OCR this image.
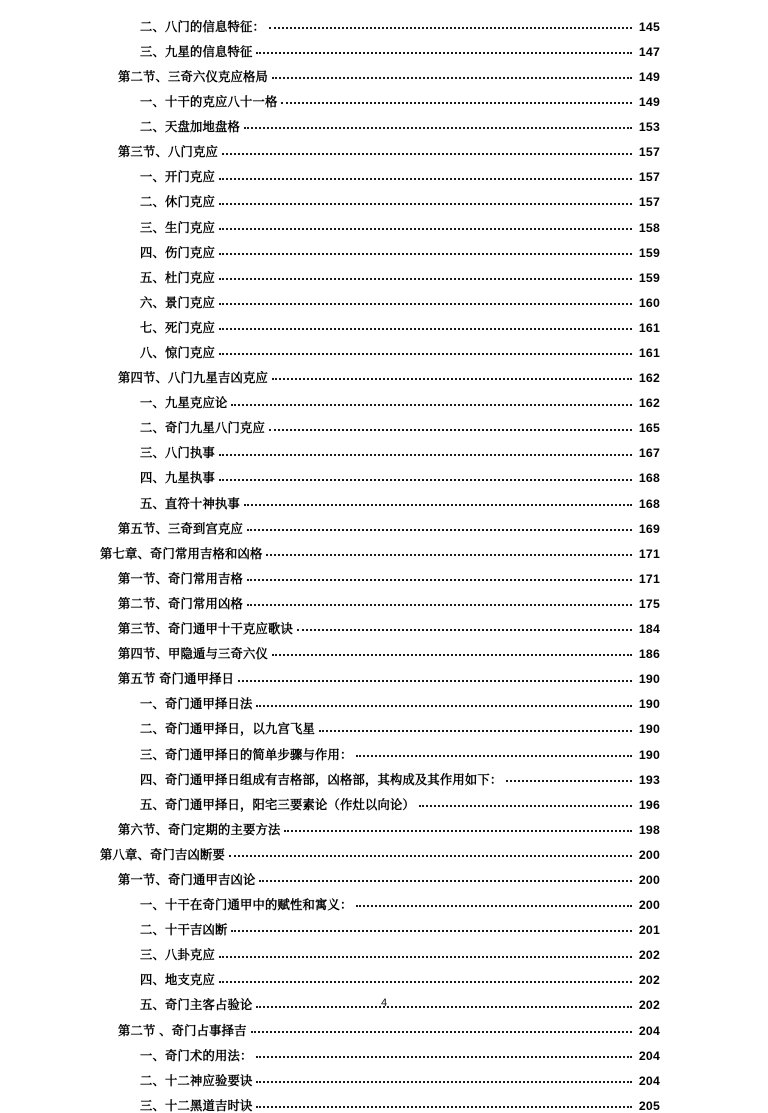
二、八门的信息特征：	145
三、九星的信息特征	147
第二节、三奇六仪克应格局	149
一、十干的克应八十一格	149
二、天盘加地盘格	153
第三节、八门克应	157
一、开门克应	157
二、休门克应	157
三、生门克应	158
四、伤门克应	159
五、杜门克应	159
六、景门克应	160
七、死门克应	161
八、惊门克应	161
第四节、八门九星吉凶克应	162
一、九星克应论	162
二、奇门九星八门克应	165
三、八门执事	167
四、九星执事	168
五、直符十神执事	168
第五节、三奇到宫克应	169
第七章、奇门常用吉格和凶格	171
第一节、奇门常用吉格	171
第二节、奇门常用凶格	175
第三节、奇门通甲十干克应歌诀	184
第四节、甲隐遁与三奇六仪	186
第五节 奇门通甲择日	190
一、奇门通甲择日法	190
二、奇门通甲择日，以九宫飞星	190
三、奇门通甲择日的简单步骤与作用：	190
四、奇门通甲择日组成有吉格部，凶格部，其构成及其作用如下：	193
五、奇门通甲择日，阳宅三要素论（作灶以向论）	196
第六节、奇门定期的主要方法	198
第八章、奇门吉凶断要	200
第一节、奇门通甲吉凶论	200
一、十干在奇门通甲中的赋性和寓义：	200
二、十干吉凶断	201
三、八卦克应	202
四、地支克应	202
五、奇门主客占验论	202
第二节 、奇门占事择吉	204
一、奇门术的用法：	204
二、十二神应验要诀	204
三、十二黑道吉时诀	205
4
